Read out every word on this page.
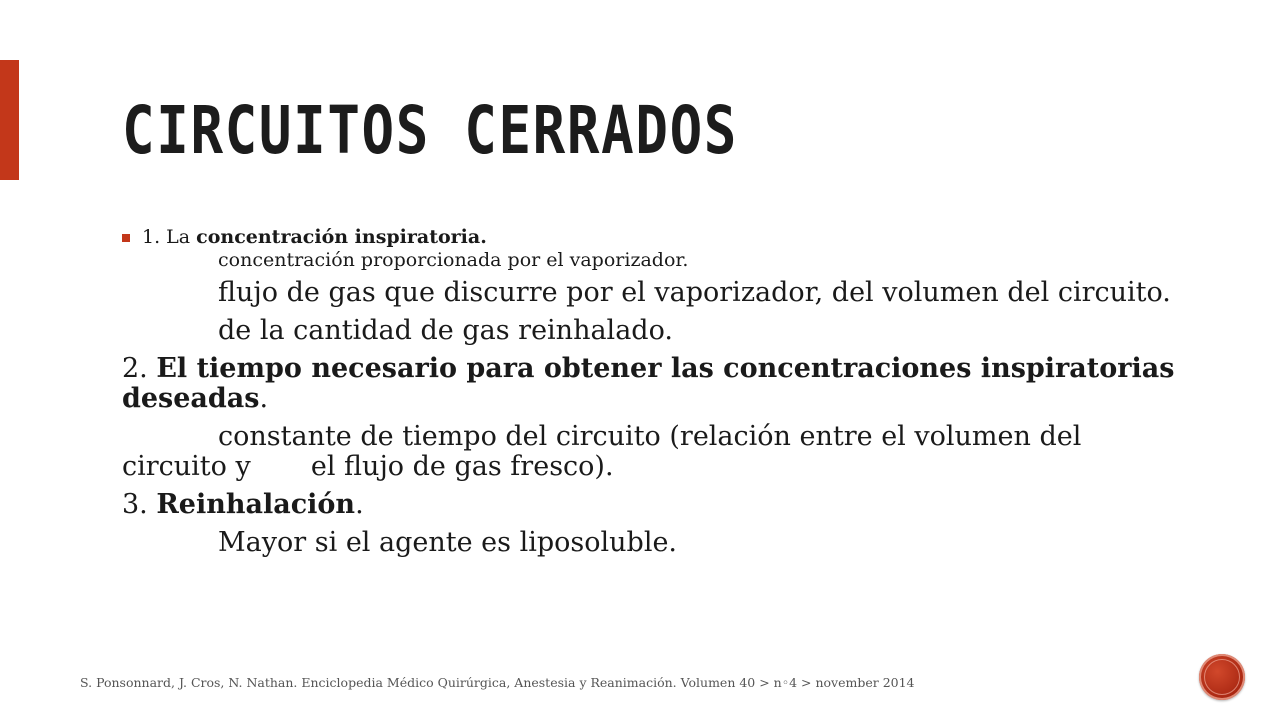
CIRCUITOS CERRADOS
1. La concentración inspiratoria.
concentración proporcionada por el vaporizador.

flujo de gas que discurre por el vaporizador, del volumen del circuito.

de la cantidad de gas reinhalado.

2. El tiempo necesario para obtener las concentraciones inspiratorias deseadas.

constante de tiempo del circuito (relación entre el volumen del circuito y el flujo de gas fresco).

3. Reinhalación.

Mayor si el agente es liposoluble.

S. Ponsonnard, J. Cros, N. Nathan. Enciclopedia Médico Quirúrgica, Anestesia y Reanimación. Volumen 40 > n◦4 > november 2014
